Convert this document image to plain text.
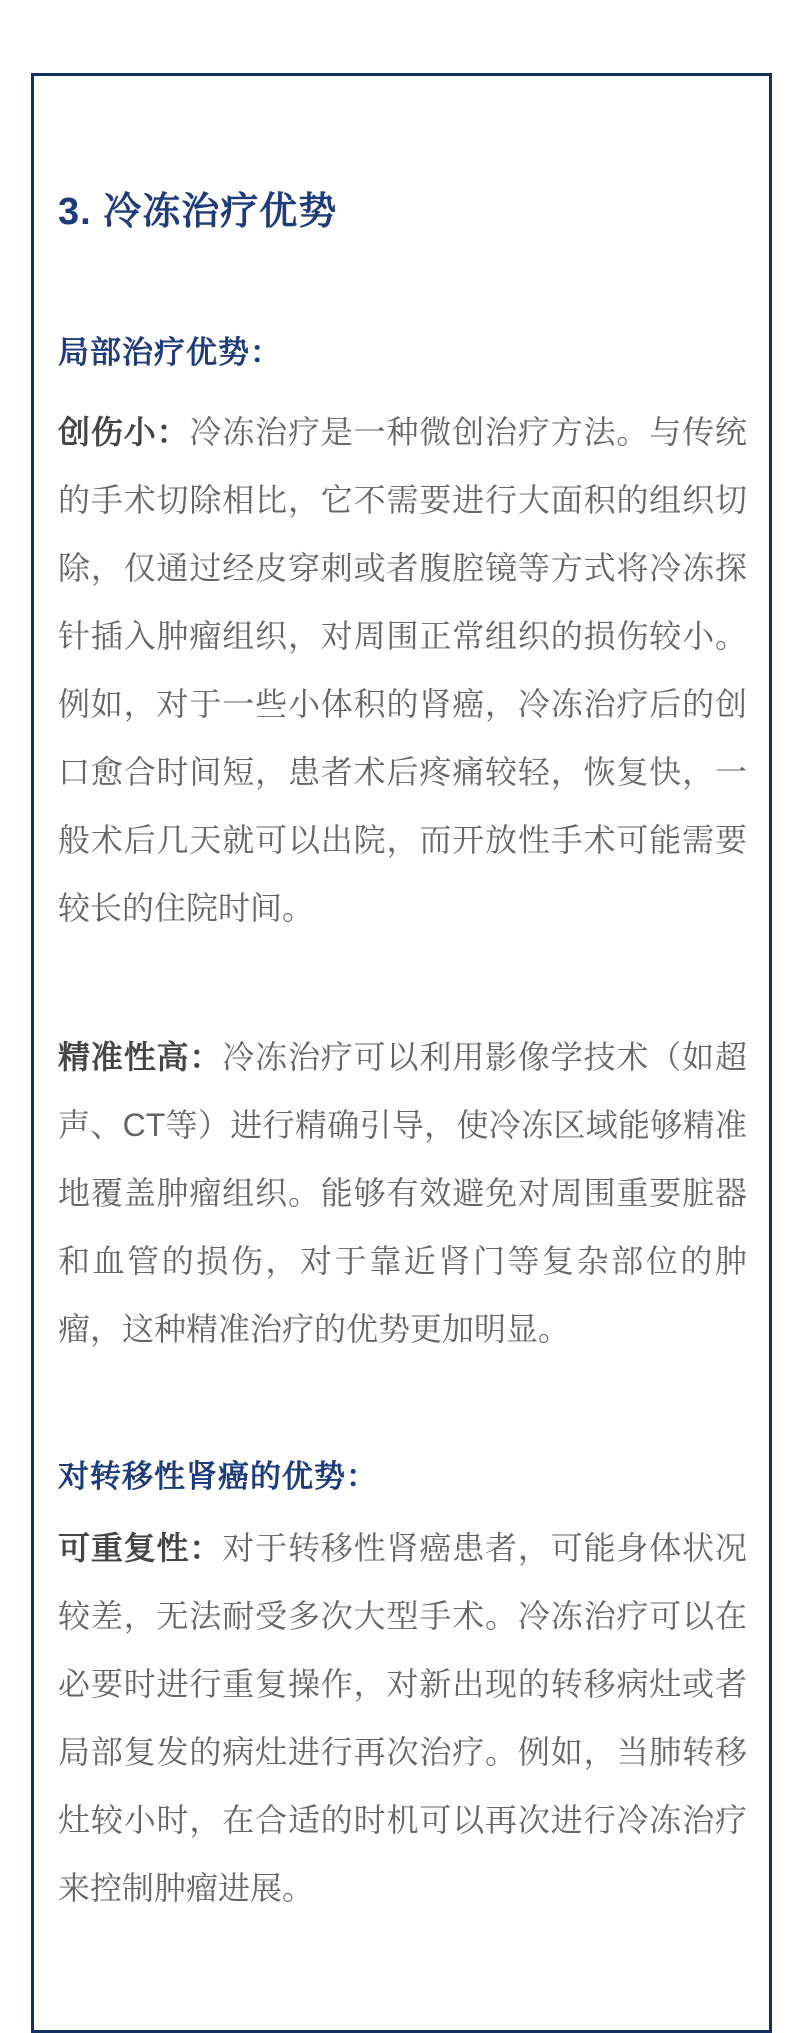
3. 冷冻治疗优势
局部治疗优势：

创伤小：冷冻治疗是一种微创治疗方法。与传统的手术切除相比，它不需要进行大面积的组织切除，仅通过经皮穿刺或者腹腔镜等方式将冷冻探针插入肿瘤组织，对周围正常组织的损伤较小。例如，对于一些小体积的肾癌，冷冻治疗后的创口愈合时间短，患者术后疼痛较轻，恢复快，一般术后几天就可以出院，而开放性手术可能需要较长的住院时间。

精准性高：冷冻治疗可以利用影像学技术（如超声、CT等）进行精确引导，使冷冻区域能够精准地覆盖肿瘤组织。能够有效避免对周围重要脏器和血管的损伤，对于靠近肾门等复杂部位的肿瘤，这种精准治疗的优势更加明显。

对转移性肾癌的优势：

可重复性：对于转移性肾癌患者，可能身体状况较差，无法耐受多次大型手术。冷冻治疗可以在必要时进行重复操作，对新出现的转移病灶或者局部复发的病灶进行再次治疗。例如，当肺转移灶较小时，在合适的时机可以再次进行冷冻治疗来控制肿瘤进展。
